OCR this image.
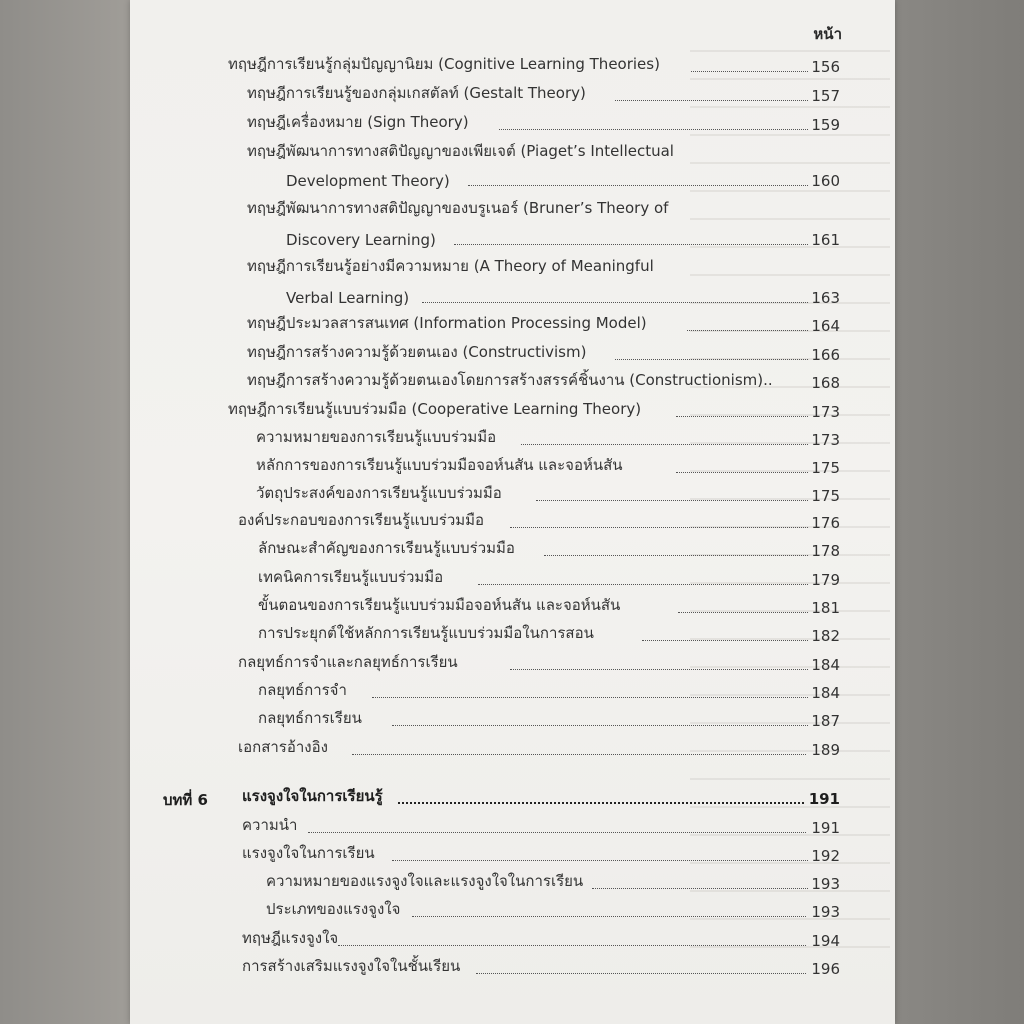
หน้า
ทฤษฎีการเรียนรู้กลุ่มปัญญานิยม (Cognitive Learning Theories)	156
ทฤษฎีการเรียนรู้ของกลุ่มเกสตัลท์ (Gestalt Theory)	157
ทฤษฎีเครื่องหมาย (Sign Theory)	159
ทฤษฎีพัฒนาการทางสติปัญญาของเพียเจต์ (Piaget’s Intellectual
Development Theory)	160
ทฤษฎีพัฒนาการทางสติปัญญาของบรูเนอร์ (Bruner’s Theory of
Discovery Learning)	161
ทฤษฎีการเรียนรู้อย่างมีความหมาย (A Theory of Meaningful
Verbal Learning)	163
ทฤษฎีประมวลสารสนเทศ (Information Processing Model)	164
ทฤษฎีการสร้างความรู้ด้วยตนเอง (Constructivism)	166
ทฤษฎีการสร้างความรู้ด้วยตนเองโดยการสร้างสรรค์ชิ้นงาน (Constructionism)..	168
ทฤษฎีการเรียนรู้แบบร่วมมือ (Cooperative Learning Theory)	173
ความหมายของการเรียนรู้แบบร่วมมือ	173
หลักการของการเรียนรู้แบบร่วมมือจอห์นสัน และจอห์นสัน	175
วัตถุประสงค์ของการเรียนรู้แบบร่วมมือ	175
องค์ประกอบของการเรียนรู้แบบร่วมมือ	176
ลักษณะสำคัญของการเรียนรู้แบบร่วมมือ	178
เทคนิคการเรียนรู้แบบร่วมมือ	179
ขั้นตอนของการเรียนรู้แบบร่วมมือจอห์นสัน และจอห์นสัน	181
การประยุกต์ใช้หลักการเรียนรู้แบบร่วมมือในการสอน	182
กลยุทธ์การจำและกลยุทธ์การเรียน	184
กลยุทธ์การจำ	184
กลยุทธ์การเรียน	187
เอกสารอ้างอิง	189
บทที่ 6 แรงจูงใจในการเรียนรู้	191
ความนำ	191
แรงจูงใจในการเรียน	192
ความหมายของแรงจูงใจและแรงจูงใจในการเรียน	193
ประเภทของแรงจูงใจ	193
ทฤษฎีแรงจูงใจ	194
การสร้างเสริมแรงจูงใจในชั้นเรียน	196
